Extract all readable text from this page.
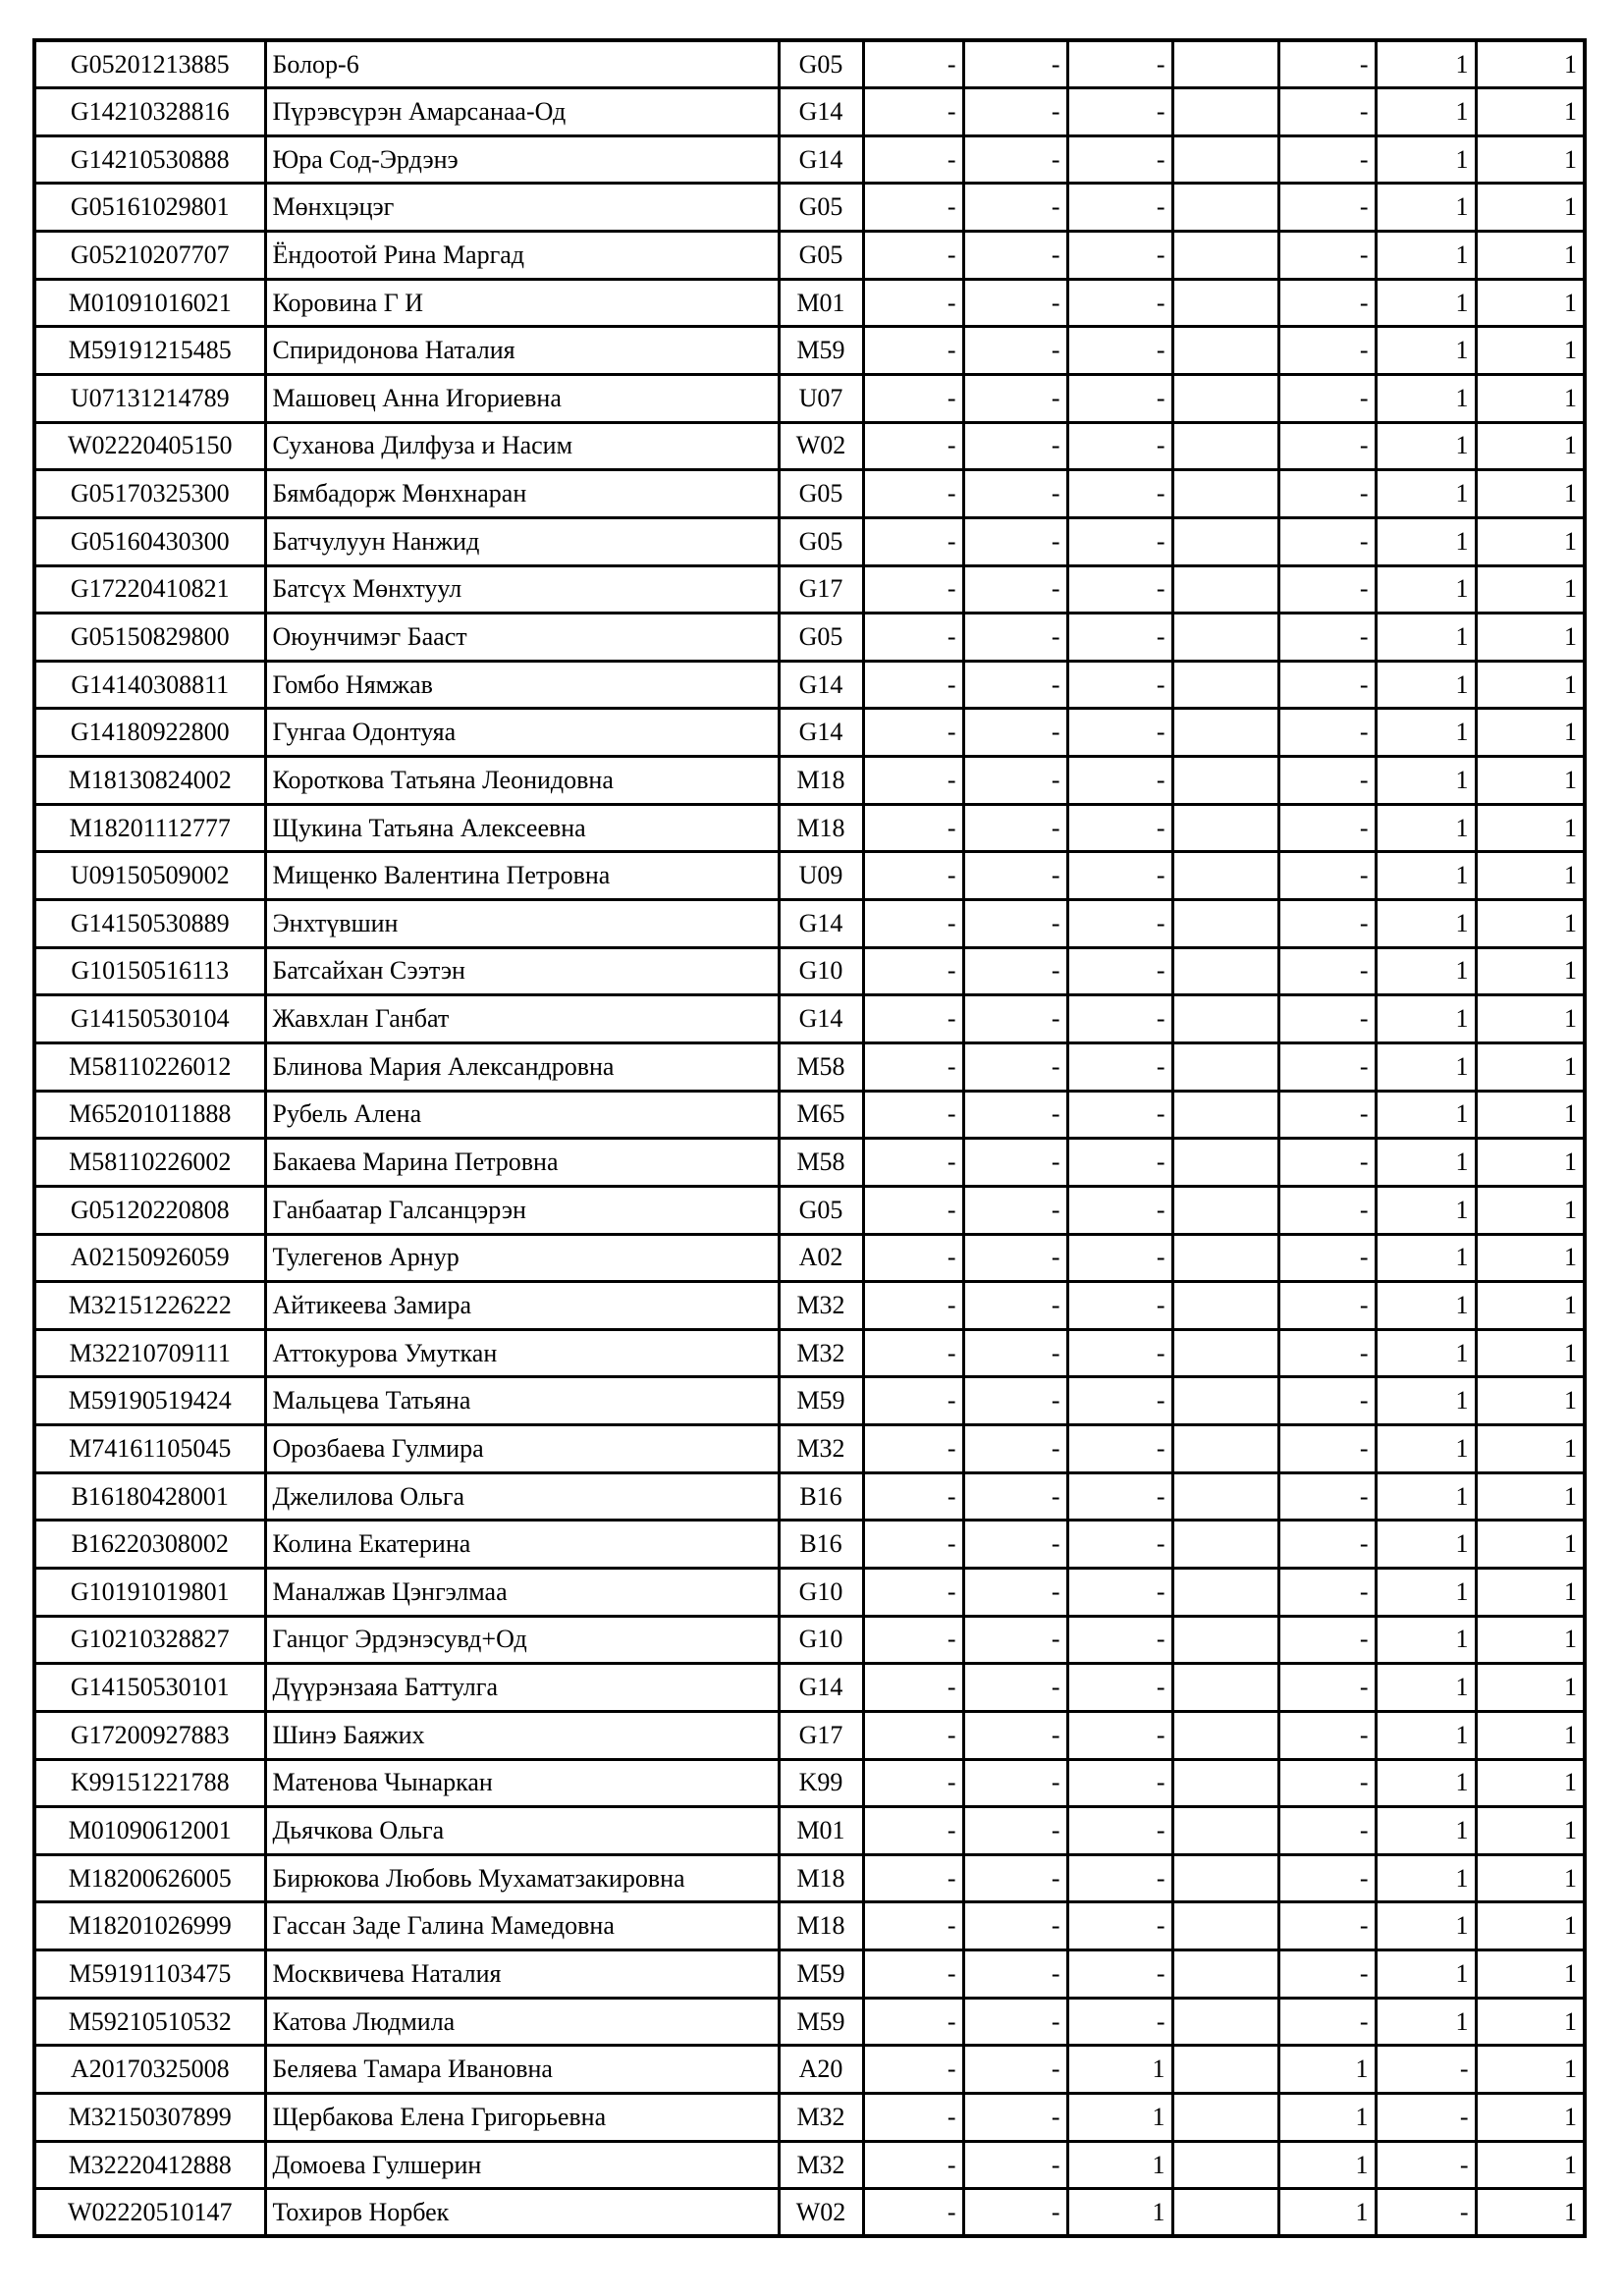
G05201213885	Болор-6	G05	-	-	-		-	1	1
G14210328816	Пүрэвсүрэн Амарсанаа-Од	G14	-	-	-		-	1	1
G14210530888	Юра Сод-Эрдэнэ	G14	-	-	-		-	1	1
G05161029801	Мөнхцэцэг	G05	-	-	-		-	1	1
G05210207707	Ёндоотой Рина Маргад	G05	-	-	-		-	1	1
M01091016021	Коровина Г И	M01	-	-	-		-	1	1
M59191215485	Спиридонова Наталия	M59	-	-	-		-	1	1
U07131214789	Машовец Анна Игориевна	U07	-	-	-		-	1	1
W02220405150	Суханова Дилфуза и Насим	W02	-	-	-		-	1	1
G05170325300	Бямбадорж Мөнхнаран	G05	-	-	-		-	1	1
G05160430300	Батчулуун Нанжид	G05	-	-	-		-	1	1
G17220410821	Батсүх Мөнхтуул	G17	-	-	-		-	1	1
G05150829800	Оюунчимэг Бааст	G05	-	-	-		-	1	1
G14140308811	Гомбо Нямжав	G14	-	-	-		-	1	1
G14180922800	Гунгаа Одонтуяа	G14	-	-	-		-	1	1
M18130824002	Короткова Татьяна Леонидовна	M18	-	-	-		-	1	1
M18201112777	Щукина Татьяна Алексеевна	M18	-	-	-		-	1	1
U09150509002	Мищенко Валентина Петровна	U09	-	-	-		-	1	1
G14150530889	Энхтүвшин	G14	-	-	-		-	1	1
G10150516113	Батсайхан Сээтэн	G10	-	-	-		-	1	1
G14150530104	Жавхлан Ганбат	G14	-	-	-		-	1	1
M58110226012	Блинова Мария Александровна	M58	-	-	-		-	1	1
M65201011888	Рубель Алена	M65	-	-	-		-	1	1
M58110226002	Бакаева Марина Петровна	M58	-	-	-		-	1	1
G05120220808	Ганбаатар Галсанцэрэн	G05	-	-	-		-	1	1
A02150926059	Тулегенов Арнур	A02	-	-	-		-	1	1
M32151226222	Айтикеева Замира	M32	-	-	-		-	1	1
M32210709111	Аттокурова Умуткан	M32	-	-	-		-	1	1
M59190519424	Мальцева Татьяна	M59	-	-	-		-	1	1
M74161105045	Орозбаева Гулмира	M32	-	-	-		-	1	1
B16180428001	Джелилова Ольга	B16	-	-	-		-	1	1
B16220308002	Колина Екатерина	B16	-	-	-		-	1	1
G10191019801	Маналжав Цэнгэлмаа	G10	-	-	-		-	1	1
G10210328827	Ганцог Эрдэнэсувд+Од	G10	-	-	-		-	1	1
G14150530101	Дүүрэнзаяа Баттулга	G14	-	-	-		-	1	1
G17200927883	Шинэ Баяжих	G17	-	-	-		-	1	1
K99151221788	Матенова Чынаркан	K99	-	-	-		-	1	1
M01090612001	Дьячкова Ольга	M01	-	-	-		-	1	1
M18200626005	Бирюкова Любовь Мухаматзакировна	M18	-	-	-		-	1	1
M18201026999	Гассан Заде Галина Мамедовна	M18	-	-	-		-	1	1
M59191103475	Москвичева Наталия	M59	-	-	-		-	1	1
M59210510532	Катова Людмила	M59	-	-	-		-	1	1
A20170325008	Беляева Тамара Ивановна	A20	-	-	1		1	-	1
M32150307899	Щербакова Елена Григорьевна	M32	-	-	1		1	-	1
M32220412888	Домоева Гулшерин	M32	-	-	1		1	-	1
W02220510147	Тохиров Норбек	W02	-	-	1		1	-	1
